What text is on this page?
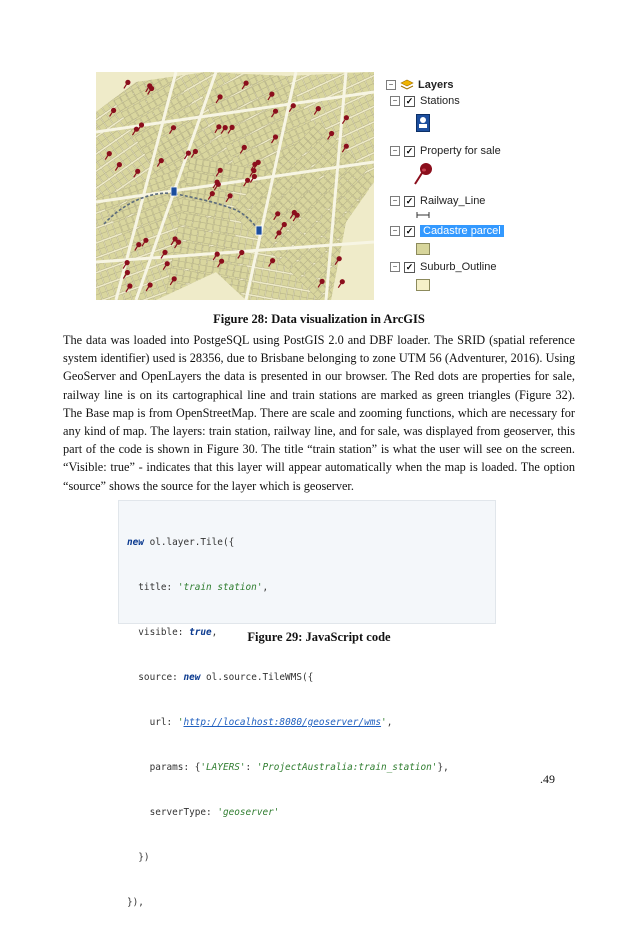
− Layers
− ✓ Stations
− ✓ Property for sale
− ✓ Railway_Line
− ✓ Cadastre parcel
− ✓ Suburb_Outline
Figure 28: Data visualization in ArcGIS

The data was loaded into PostgeSQL using PostGIS 2.0 and DBF loader. The SRID (spatial reference system identifier) used is 28356, due to Brisbane belonging to zone UTM 56 (Adventurer, 2016). Using GeoServer and OpenLayers the data is presented in our browser. The Red dots are properties for sale, railway line is on its cartographical line and train stations are marked as green triangles (Figure 32). The Base map is from OpenStreetMap. There are scale and zooming functions, which are necessary for any kind of map. The layers: train station, railway line, and for sale, was displayed from geoserver, this part of the code is shown in Figure 30. The title “train station” is what the user will see on the screen. “Visible: true” - indicates that this layer will appear automatically when the map is loaded. The option “source” shows the source for the layer which is geoserver.

new ol.layer.Tile({

title: 'train station',

visible: true,

source: new ol.source.TileWMS({

url: 'http://localhost:8080/geoserver/wms',

params: {'LAYERS': 'ProjectAustralia:train_station'},

serverType: 'geoserver'

})

}),

Figure 29: JavaScript code
.49
